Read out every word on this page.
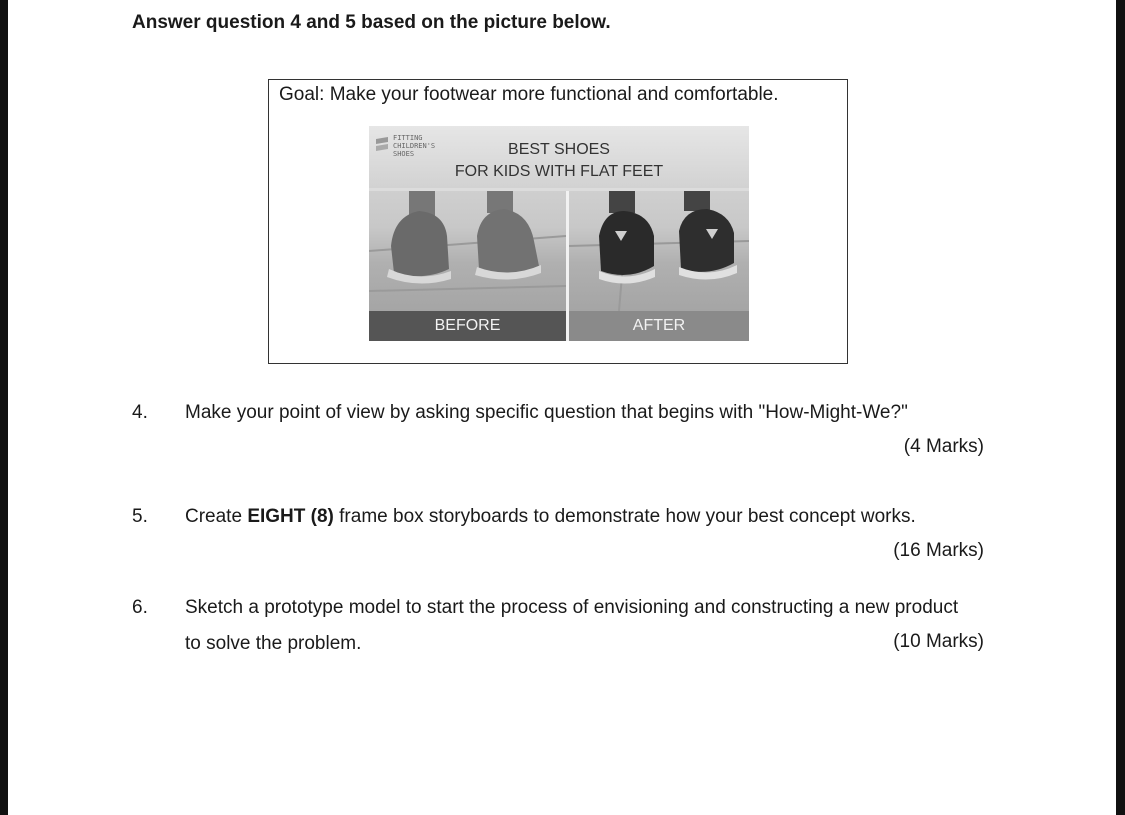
Answer question 4 and 5 based on the picture below.
Goal: Make your footwear more functional and comfortable.
FITTING
CHILDREN'S
SHOES	BEST SHOES
FOR KIDS WITH FLAT FEET
BEFORE	AFTER
4. Make your point of view by asking specific question that begins with "How-Might-We?"
(4 Marks)
5. Create EIGHT (8) frame box storyboards to demonstrate how your best concept works.
(16 Marks)
6. Sketch a prototype model to start the process of envisioning and constructing a new product
to solve the problem.	(10 Marks)
